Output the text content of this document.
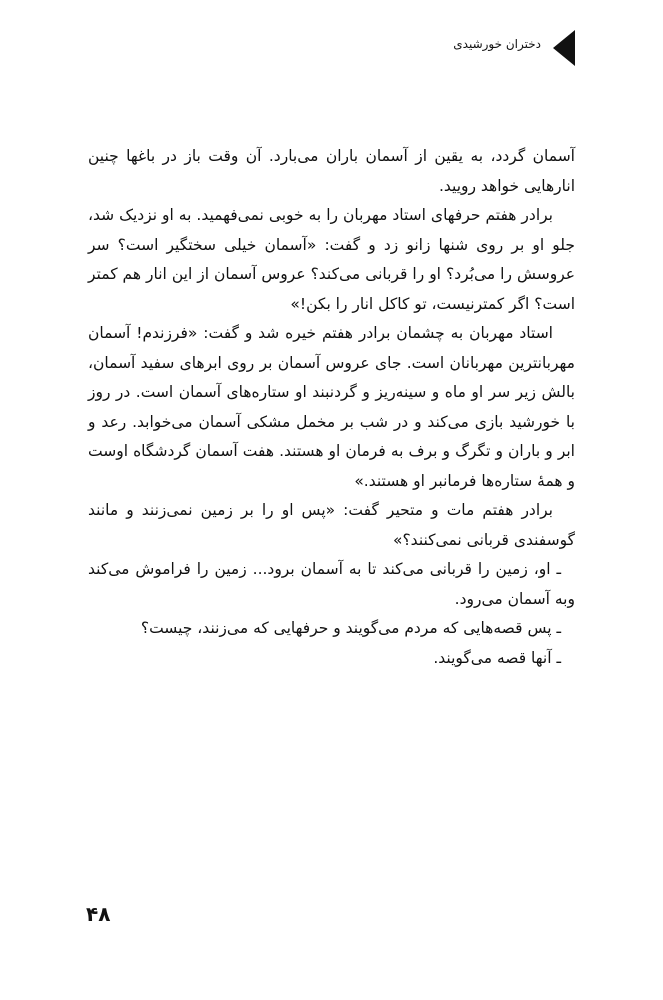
دختران خورشیدی

آسمان گردد، به یقین از آسمان باران می‌بارد. آن وقت باز در باغها چنین انارهایی خواهد رویید.

برادر هفتم حرفهای استاد مهربان را به خوبی نمی‌فهمید. به او نزدیک شد، جلو او بر روی شنها زانو زد و گفت: «آسمان خیلی سختگیر است؟ سر عروسش را می‌بُرد؟ او را قربانی می‌کند؟ عروس آسمان از این انار هم کمتر است؟ اگر کمترنیست، تو کاکل انار را بکن!»

استاد مهربان به چشمان برادر هفتم خیره شد و گفت: «فرزندم! آسمان مهربانترین مهربانان است. جای عروس آسمان بر روی ابرهای سفید آسمان، بالش زیر سر او ماه و سینه‌ریز و گردنبند او ستاره‌های آسمان است. در روز با خورشید بازی می‌کند و در شب بر مخمل مشکی آسمان می‌خوابد. رعد و ابر و باران و تگرگ و برف به فرمان او هستند. هفت آسمان گردشگاه اوست و همهٔ ستاره‌ها فرمانبر او هستند.»

برادر هفتم مات و متحیر گفت: «پس او را بر زمین نمی‌زنند و مانند گوسفندی قربانی نمی‌کنند؟»

ـ او، زمین را قربانی می‌کند تا به آسمان برود... زمین را فراموش می‌کند وبه آسمان می‌رود.

ـ پس قصه‌هایی که مردم می‌گویند و حرفهایی که می‌زنند، چیست؟

ـ آنها قصه می‌گویند.

۴۸
